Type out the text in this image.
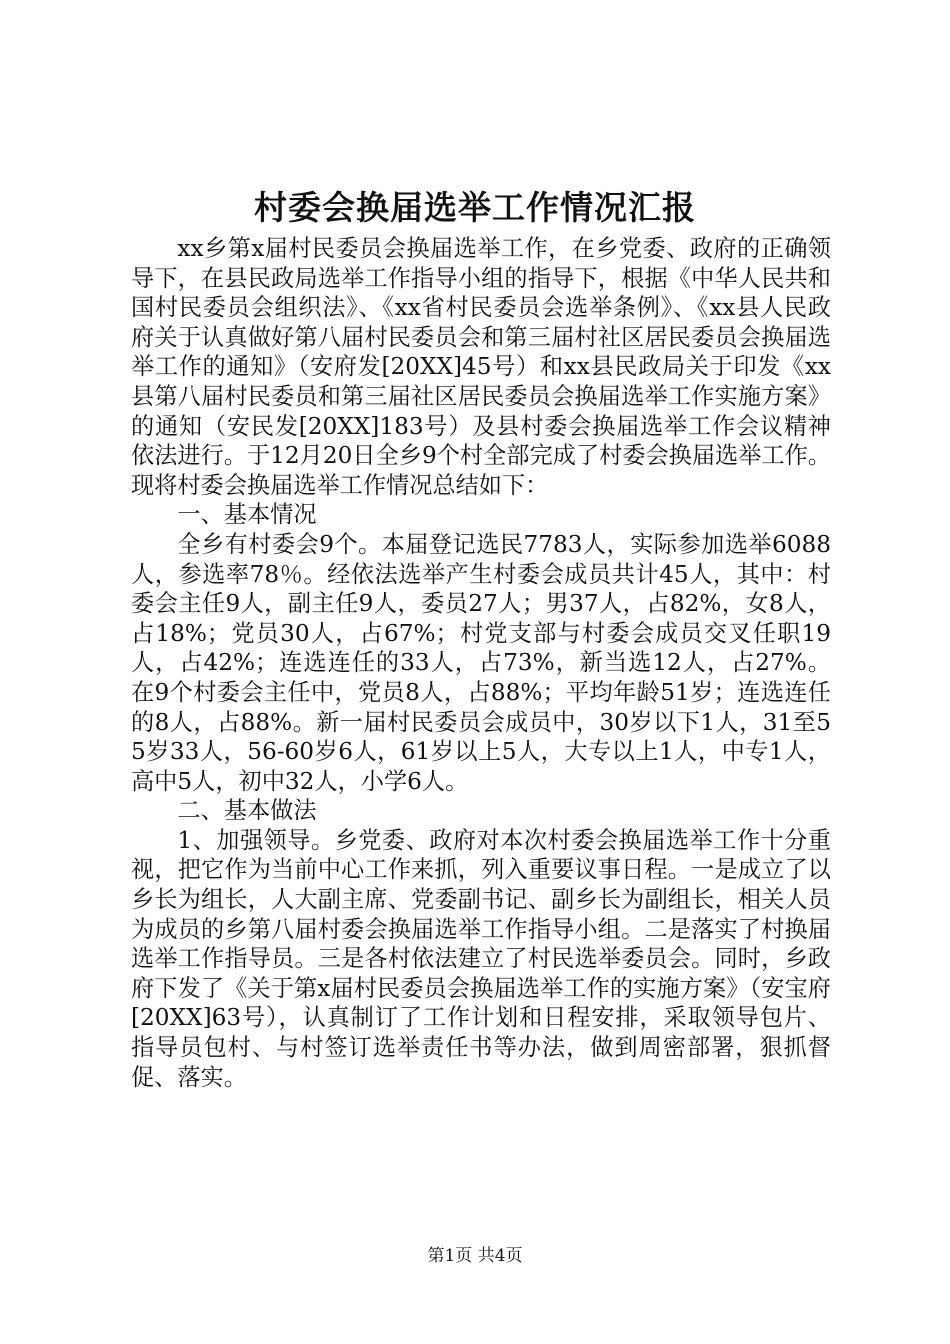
村委会换届选举工作情况汇报

xx乡第x届村民委员会换届选举工作，在乡党委、政府的正确领导下，在县民政局选举工作指导小组的指导下，根据《中华人民共和国村民委员会组织法》、《xx省村民委员会选举条例》、《xx县人民政府关于认真做好第八届村民委员会和第三届村社区居民委员会换届选举工作的通知》（安府发[20XX]45号）和xx县民政局关于印发《xx县第八届村民委员和第三届社区居民委员会换届选举工作实施方案》的通知（安民发[20XX]183号）及县村委会换届选举工作会议精神依法进行。于12月20日全乡9个村全部完成了村委会换届选举工作。现将村委会换届选举工作情况总结如下：

一、基本情况

全乡有村委会9个。本届登记选民7783人，实际参加选举6088人，参选率78％。经依法选举产生村委会成员共计45人，其中：村委会主任9人，副主任9人，委员27人；男37人，占82%，女8人，占18%；党员30人，占67%；村党支部与村委会成员交叉任职19人，占42%；连选连任的33人，占73%，新当选12人，占27%。在9个村委会主任中，党员8人，占88%；平均年龄51岁；连选连任的8人，占88%。新一届村民委员会成员中，30岁以下1人，31至55岁33人，56-60岁6人，61岁以上5人，大专以上1人，中专1人，高中5人，初中32人，小学6人。

二、基本做法

1、加强领导。乡党委、政府对本次村委会换届选举工作十分重视，把它作为当前中心工作来抓，列入重要议事日程。一是成立了以乡长为组长，人大副主席、党委副书记、副乡长为副组长，相关人员为成员的乡第八届村委会换届选举工作指导小组。二是落实了村换届选举工作指导员。三是各村依法建立了村民选举委员会。同时，乡政府下发了《关于第x届村民委员会换届选举工作的实施方案》（安宝府[20XX]63号），认真制订了工作计划和日程安排，采取领导包片、指导员包村、与村签订选举责任书等办法，做到周密部署，狠抓督促、落实。

第1页 共4页
